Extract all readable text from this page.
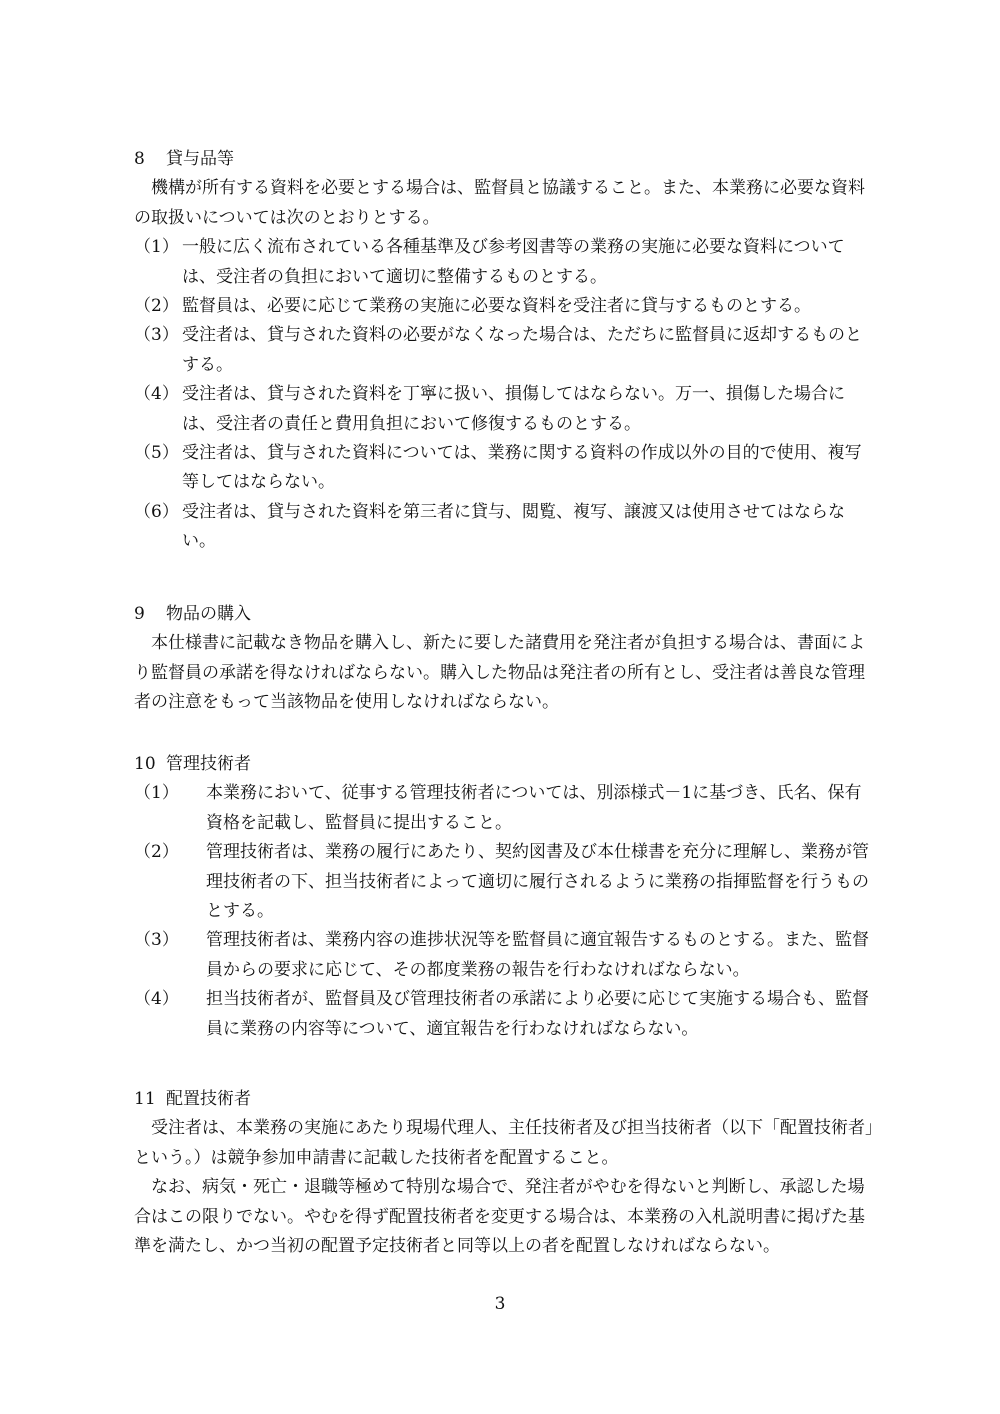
8 貸与品等

機構が所有する資料を必要とする場合は、監督員と協議すること。また、本業務に必要な資料の取扱いについては次のとおりとする。

（1） 一般に広く流布されている各種基準及び参考図書等の業務の実施に必要な資料については、受注者の負担において適切に整備するものとする。
（2） 監督員は、必要に応じて業務の実施に必要な資料を受注者に貸与するものとする。
（3） 受注者は、貸与された資料の必要がなくなった場合は、ただちに監督員に返却するものとする。
（4） 受注者は、貸与された資料を丁寧に扱い、損傷してはならない。万一、損傷した場合には、受注者の責任と費用負担において修復するものとする。
（5） 受注者は、貸与された資料については、業務に関する資料の作成以外の目的で使用、複写等してはならない。
（6） 受注者は、貸与された資料を第三者に貸与、閲覧、複写、譲渡又は使用させてはならない。

9 物品の購入

本仕様書に記載なき物品を購入し、新たに要した諸費用を発注者が負担する場合は、書面により監督員の承諾を得なければならない。購入した物品は発注者の所有とし、受注者は善良な管理者の注意をもって当該物品を使用しなければならない。

10 管理技術者

（1） 本業務において、従事する管理技術者については、別添様式－1に基づき、氏名、保有資格を記載し、監督員に提出すること。
（2） 管理技術者は、業務の履行にあたり、契約図書及び本仕様書を充分に理解し、業務が管理技術者の下、担当技術者によって適切に履行されるように業務の指揮監督を行うものとする。
（3） 管理技術者は、業務内容の進捗状況等を監督員に適宜報告するものとする。また、監督員からの要求に応じて、その都度業務の報告を行わなければならない。
（4） 担当技術者が、監督員及び管理技術者の承諾により必要に応じて実施する場合も、監督員に業務の内容等について、適宜報告を行わなければならない。

11 配置技術者

受注者は、本業務の実施にあたり現場代理人、主任技術者及び担当技術者（以下「配置技術者」という。）は競争参加申請書に記載した技術者を配置すること。

なお、病気・死亡・退職等極めて特別な場合で、発注者がやむを得ないと判断し、承認した場合はこの限りでない。やむを得ず配置技術者を変更する場合は、本業務の入札説明書に掲げた基準を満たし、かつ当初の配置予定技術者と同等以上の者を配置しなければならない。

3
